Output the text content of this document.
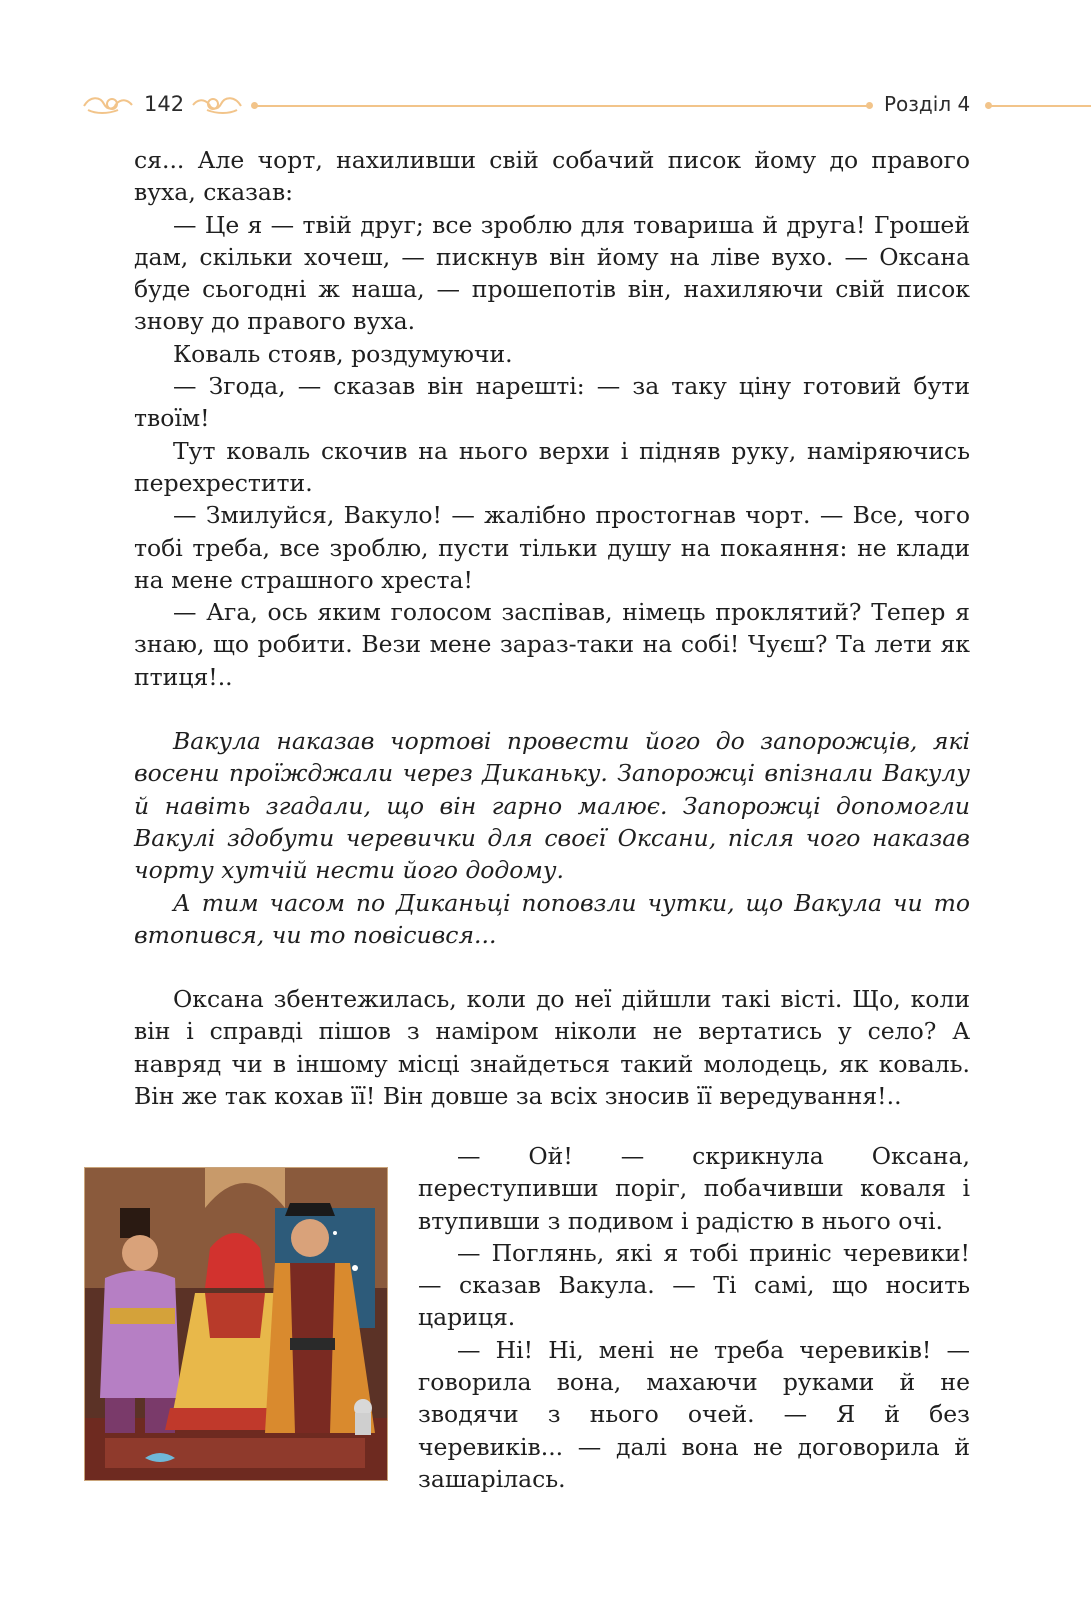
142	Розділ 4

ся... Але чорт, нахиливши свій собачий писок йому до правого вуха, сказав:

— Це я — твій друг; все зроблю для товариша й друга! Грошей дам, скільки хочеш, — пискнув він йому на ліве вухо. — Оксана буде сьогодні ж наша, — прошепотів він, нахиляючи свій писок знову до правого вуха.

Коваль стояв, роздумуючи.

— Згода, — сказав він нарешті: — за таку ціну готовий бути твоїм!

Тут коваль скочив на нього верхи і підняв руку, наміряючись перехрестити.

— Змилуйся, Вакуло! — жалібно простогнав чорт. — Все, чого тобі треба, все зроблю, пусти тільки душу на покаяння: не клади на мене страшного хреста!

— Ага, ось яким голосом заспівав, німець проклятий? Тепер я знаю, що робити. Вези мене зараз-таки на собі! Чуєш? Та лети як птиця!..

Вакула наказав чортові провести його до запорожців, які восени проїжджали через Диканьку. Запорожці впізнали Вакулу й навіть згадали, що він гарно малює. Запорожці допомогли Вакулі здобути черевички для своєї Оксани, після чого наказав чорту хутчій нести його додому.

А тим часом по Диканьці поповзли чутки, що Вакула чи то втопився, чи то повісився...

Оксана збентежилась, коли до неї дійшли такі вісті. Що, коли він і справді пішов з наміром ніколи не вертатись у село? А навряд чи в іншому місці знайдеться такий молодець, як коваль. Він же так кохав її! Він довше за всіх зносив її вередування!..

— Ой! — скрикнула Оксана, переступивши поріг, побачивши коваля і втупивши з подивом і радістю в нього очі.

— Поглянь, які я тобі приніс черевики! — сказав Вакула. — Ті самі, що носить цариця.

— Ні! Ні, мені не треба черевиків! — говорила вона, махаючи руками й не зводячи з нього очей. — Я й без черевиків... — далі вона не договорила й зашарілась.
